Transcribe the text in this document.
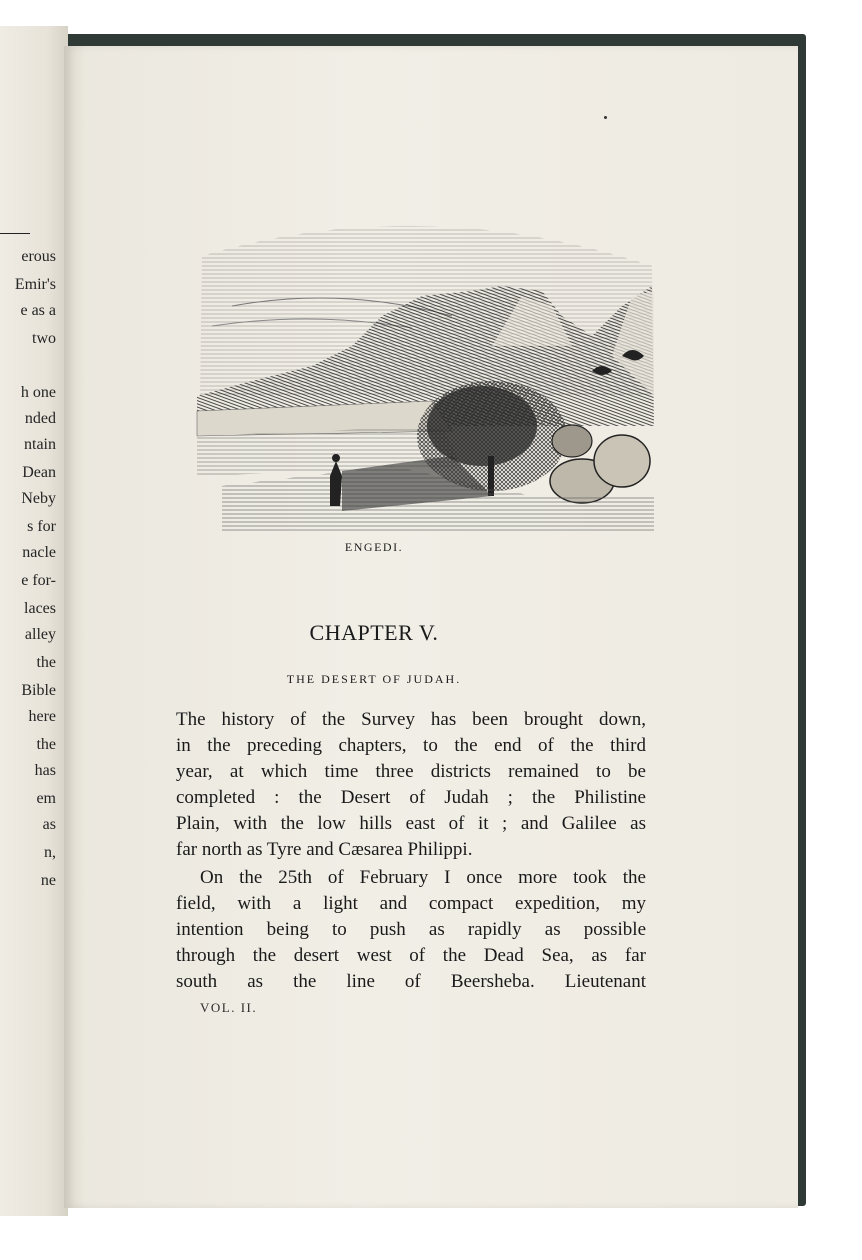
erous
Emir's
e as a
two
h one
nded
ntain
Dean
Neby
s for
nacle
e for-
laces
alley
the
Bible
here
the
has
em
as
n,
ne
ENGEDI.
CHAPTER V.
THE DESERT OF JUDAH.
The history of the Survey has been brought down,
in the preceding chapters, to the end of the third
year, at which time three districts remained to be
completed : the Desert of Judah ; the Philistine
Plain, with the low hills east of it ; and Galilee as
far north as Tyre and Cæsarea Philippi.
On the 25th of February I once more took the
field, with a light and compact expedition, my
intention being to push as rapidly as possible
through the desert west of the Dead Sea, as far
south as the line of Beersheba. Lieutenant
VOL. II.
